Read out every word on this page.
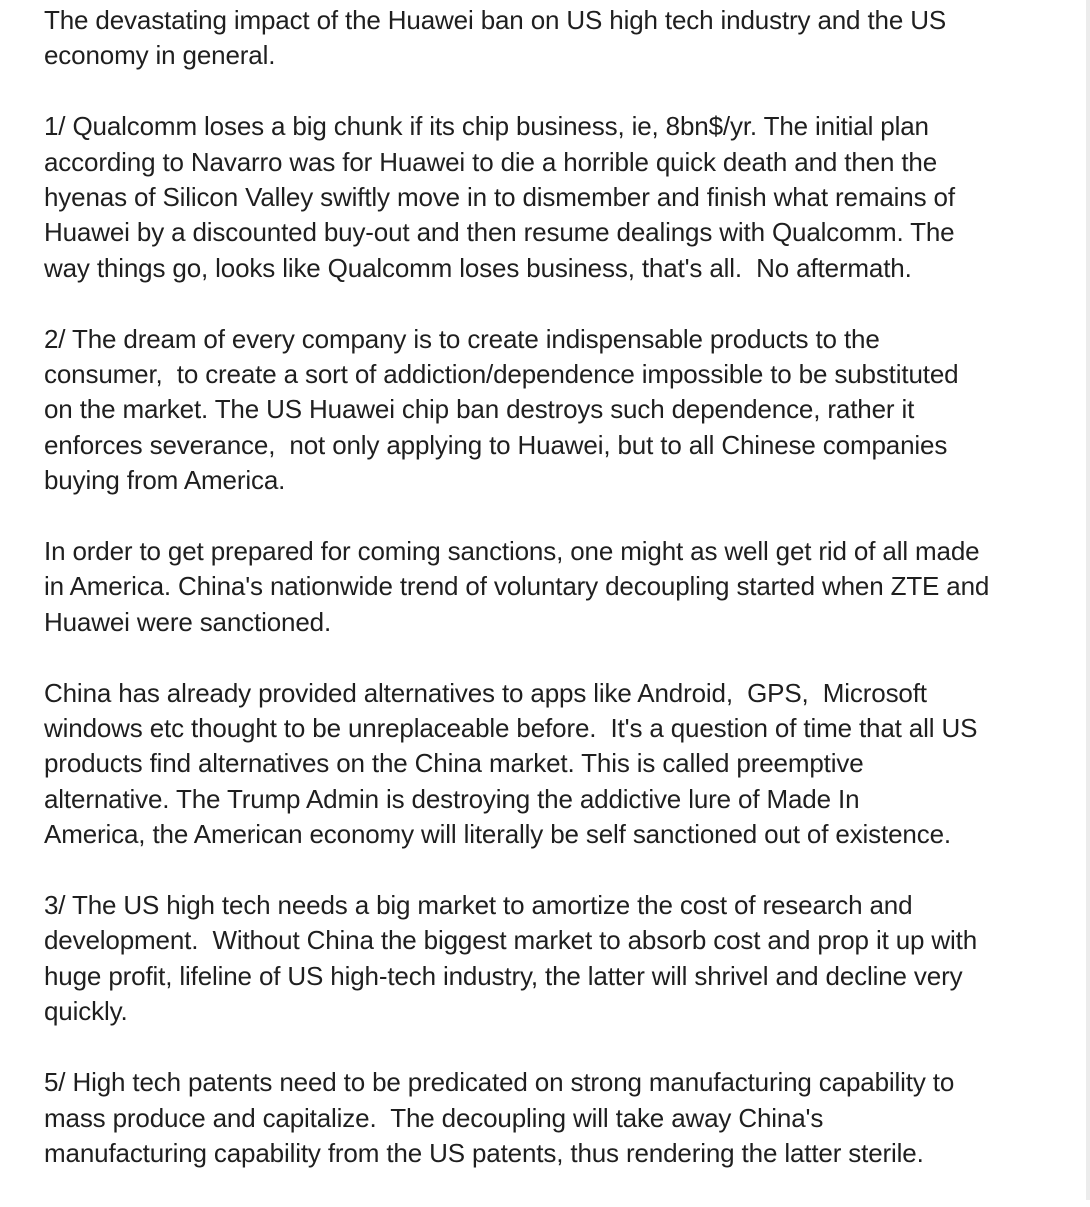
The devastating impact of the Huawei ban on US high tech industry and the US
economy in general.

1/ Qualcomm loses a big chunk if its chip business, ie, 8bn$/yr. The initial plan
according to Navarro was for Huawei to die a horrible quick death and then the
hyenas of Silicon Valley swiftly move in to dismember and finish what remains of
Huawei by a discounted buy-out and then resume dealings with Qualcomm. The
way things go, looks like Qualcomm loses business, that's all.  No aftermath.

2/ The dream of every company is to create indispensable products to the
consumer,  to create a sort of addiction/dependence impossible to be substituted
on the market. The US Huawei chip ban destroys such dependence, rather it
enforces severance,  not only applying to Huawei, but to all Chinese companies
buying from America.

In order to get prepared for coming sanctions, one might as well get rid of all made
in America. China's nationwide trend of voluntary decoupling started when ZTE and
Huawei were sanctioned.

China has already provided alternatives to apps like Android,  GPS,  Microsoft
windows etc thought to be unreplaceable before.  It's a question of time that all US
products find alternatives on the China market. This is called preemptive
alternative. The Trump Admin is destroying the addictive lure of Made In
America, the American economy will literally be self sanctioned out of existence.

3/ The US high tech needs a big market to amortize the cost of research and
development.  Without China the biggest market to absorb cost and prop it up with
huge profit, lifeline of US high-tech industry, the latter will shrivel and decline very
quickly.

5/ High tech patents need to be predicated on strong manufacturing capability to
mass produce and capitalize.  The decoupling will take away China's
manufacturing capability from the US patents, thus rendering the latter sterile.
